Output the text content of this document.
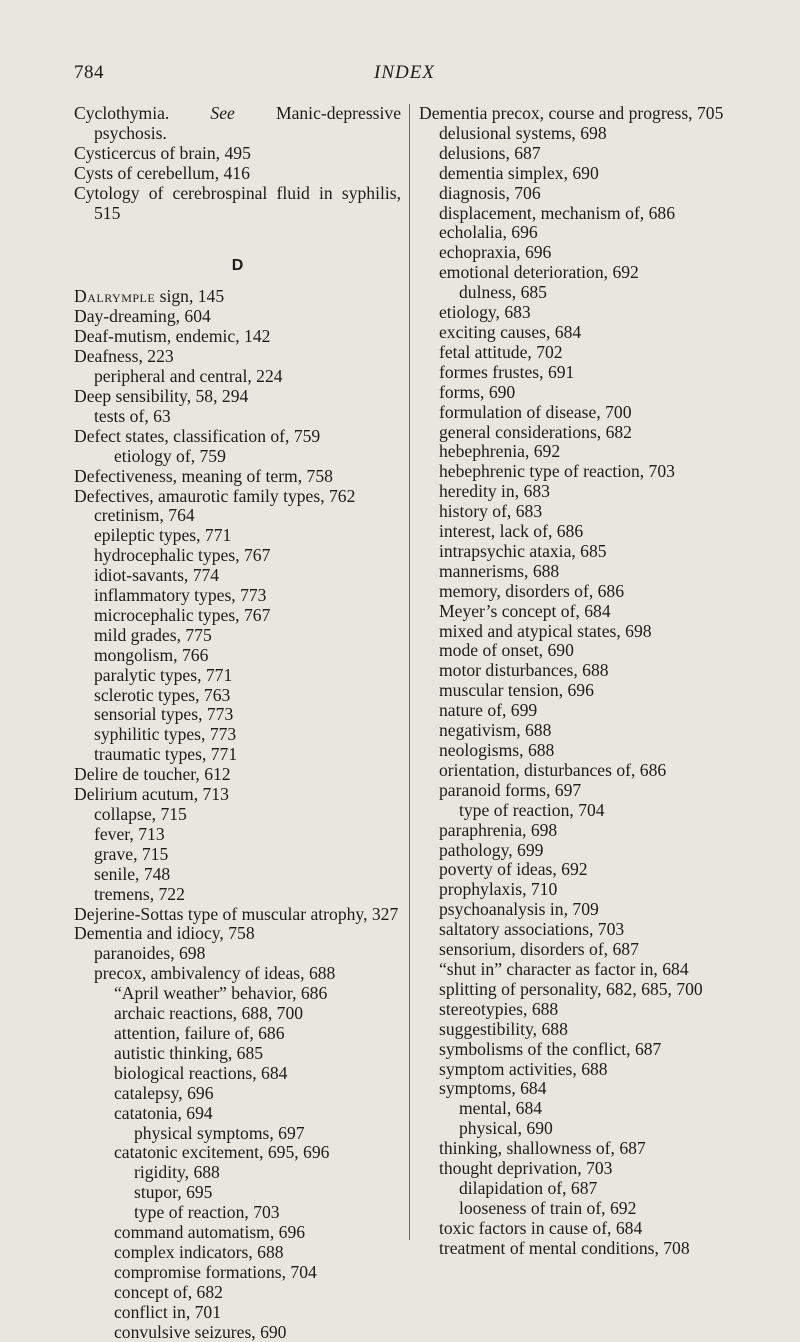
784	INDEX
Cyclothymia. See Manic-depressive psychosis.
Cysticercus of brain, 495
Cysts of cerebellum, 416
Cytology of cerebrospinal fluid in syphilis, 515
D
Dalrymple sign, 145
Day-dreaming, 604
Deaf-mutism, endemic, 142
Deafness, 223
peripheral and central, 224
Deep sensibility, 58, 294
tests of, 63
Defect states, classification of, 759
etiology of, 759
Defectiveness, meaning of term, 758
Defectives, amaurotic family types, 762
cretinism, 764
epileptic types, 771
hydrocephalic types, 767
idiot-savants, 774
inflammatory types, 773
microcephalic types, 767
mild grades, 775
mongolism, 766
paralytic types, 771
sclerotic types, 763
sensorial types, 773
syphilitic types, 773
traumatic types, 771
Delire de toucher, 612
Delirium acutum, 713
collapse, 715
fever, 713
grave, 715
senile, 748
tremens, 722
Dejerine-Sottas type of muscular atrophy, 327
Dementia and idiocy, 758
paranoides, 698
precox, ambivalency of ideas, 688
“April weather” behavior, 686
archaic reactions, 688, 700
attention, failure of, 686
autistic thinking, 685
biological reactions, 684
catalepsy, 696
catatonia, 694
physical symptoms, 697
catatonic excitement, 695, 696
rigidity, 688
stupor, 695
type of reaction, 703
command automatism, 696
complex indicators, 688
compromise formations, 704
concept of, 682
conflict in, 701
convulsive seizures, 690
Dementia precox, course and progress, 705
delusional systems, 698
delusions, 687
dementia simplex, 690
diagnosis, 706
displacement, mechanism of, 686
echolalia, 696
echopraxia, 696
emotional deterioration, 692
dulness, 685
etiology, 683
exciting causes, 684
fetal attitude, 702
formes frustes, 691
forms, 690
formulation of disease, 700
general considerations, 682
hebephrenia, 692
hebephrenic type of reaction, 703
heredity in, 683
history of, 683
interest, lack of, 686
intrapsychic ataxia, 685
mannerisms, 688
memory, disorders of, 686
Meyer’s concept of, 684
mixed and atypical states, 698
mode of onset, 690
motor disturbances, 688
muscular tension, 696
nature of, 699
negativism, 688
neologisms, 688
orientation, disturbances of, 686
paranoid forms, 697
type of reaction, 704
paraphrenia, 698
pathology, 699
poverty of ideas, 692
prophylaxis, 710
psychoanalysis in, 709
saltatory associations, 703
sensorium, disorders of, 687
“shut in” character as factor in, 684
splitting of personality, 682, 685, 700
stereotypies, 688
suggestibility, 688
symbolisms of the conflict, 687
symptom activities, 688
symptoms, 684
mental, 684
physical, 690
thinking, shallowness of, 687
thought deprivation, 703
dilapidation of, 687
looseness of train of, 692
toxic factors in cause of, 684
treatment of mental conditions, 708
